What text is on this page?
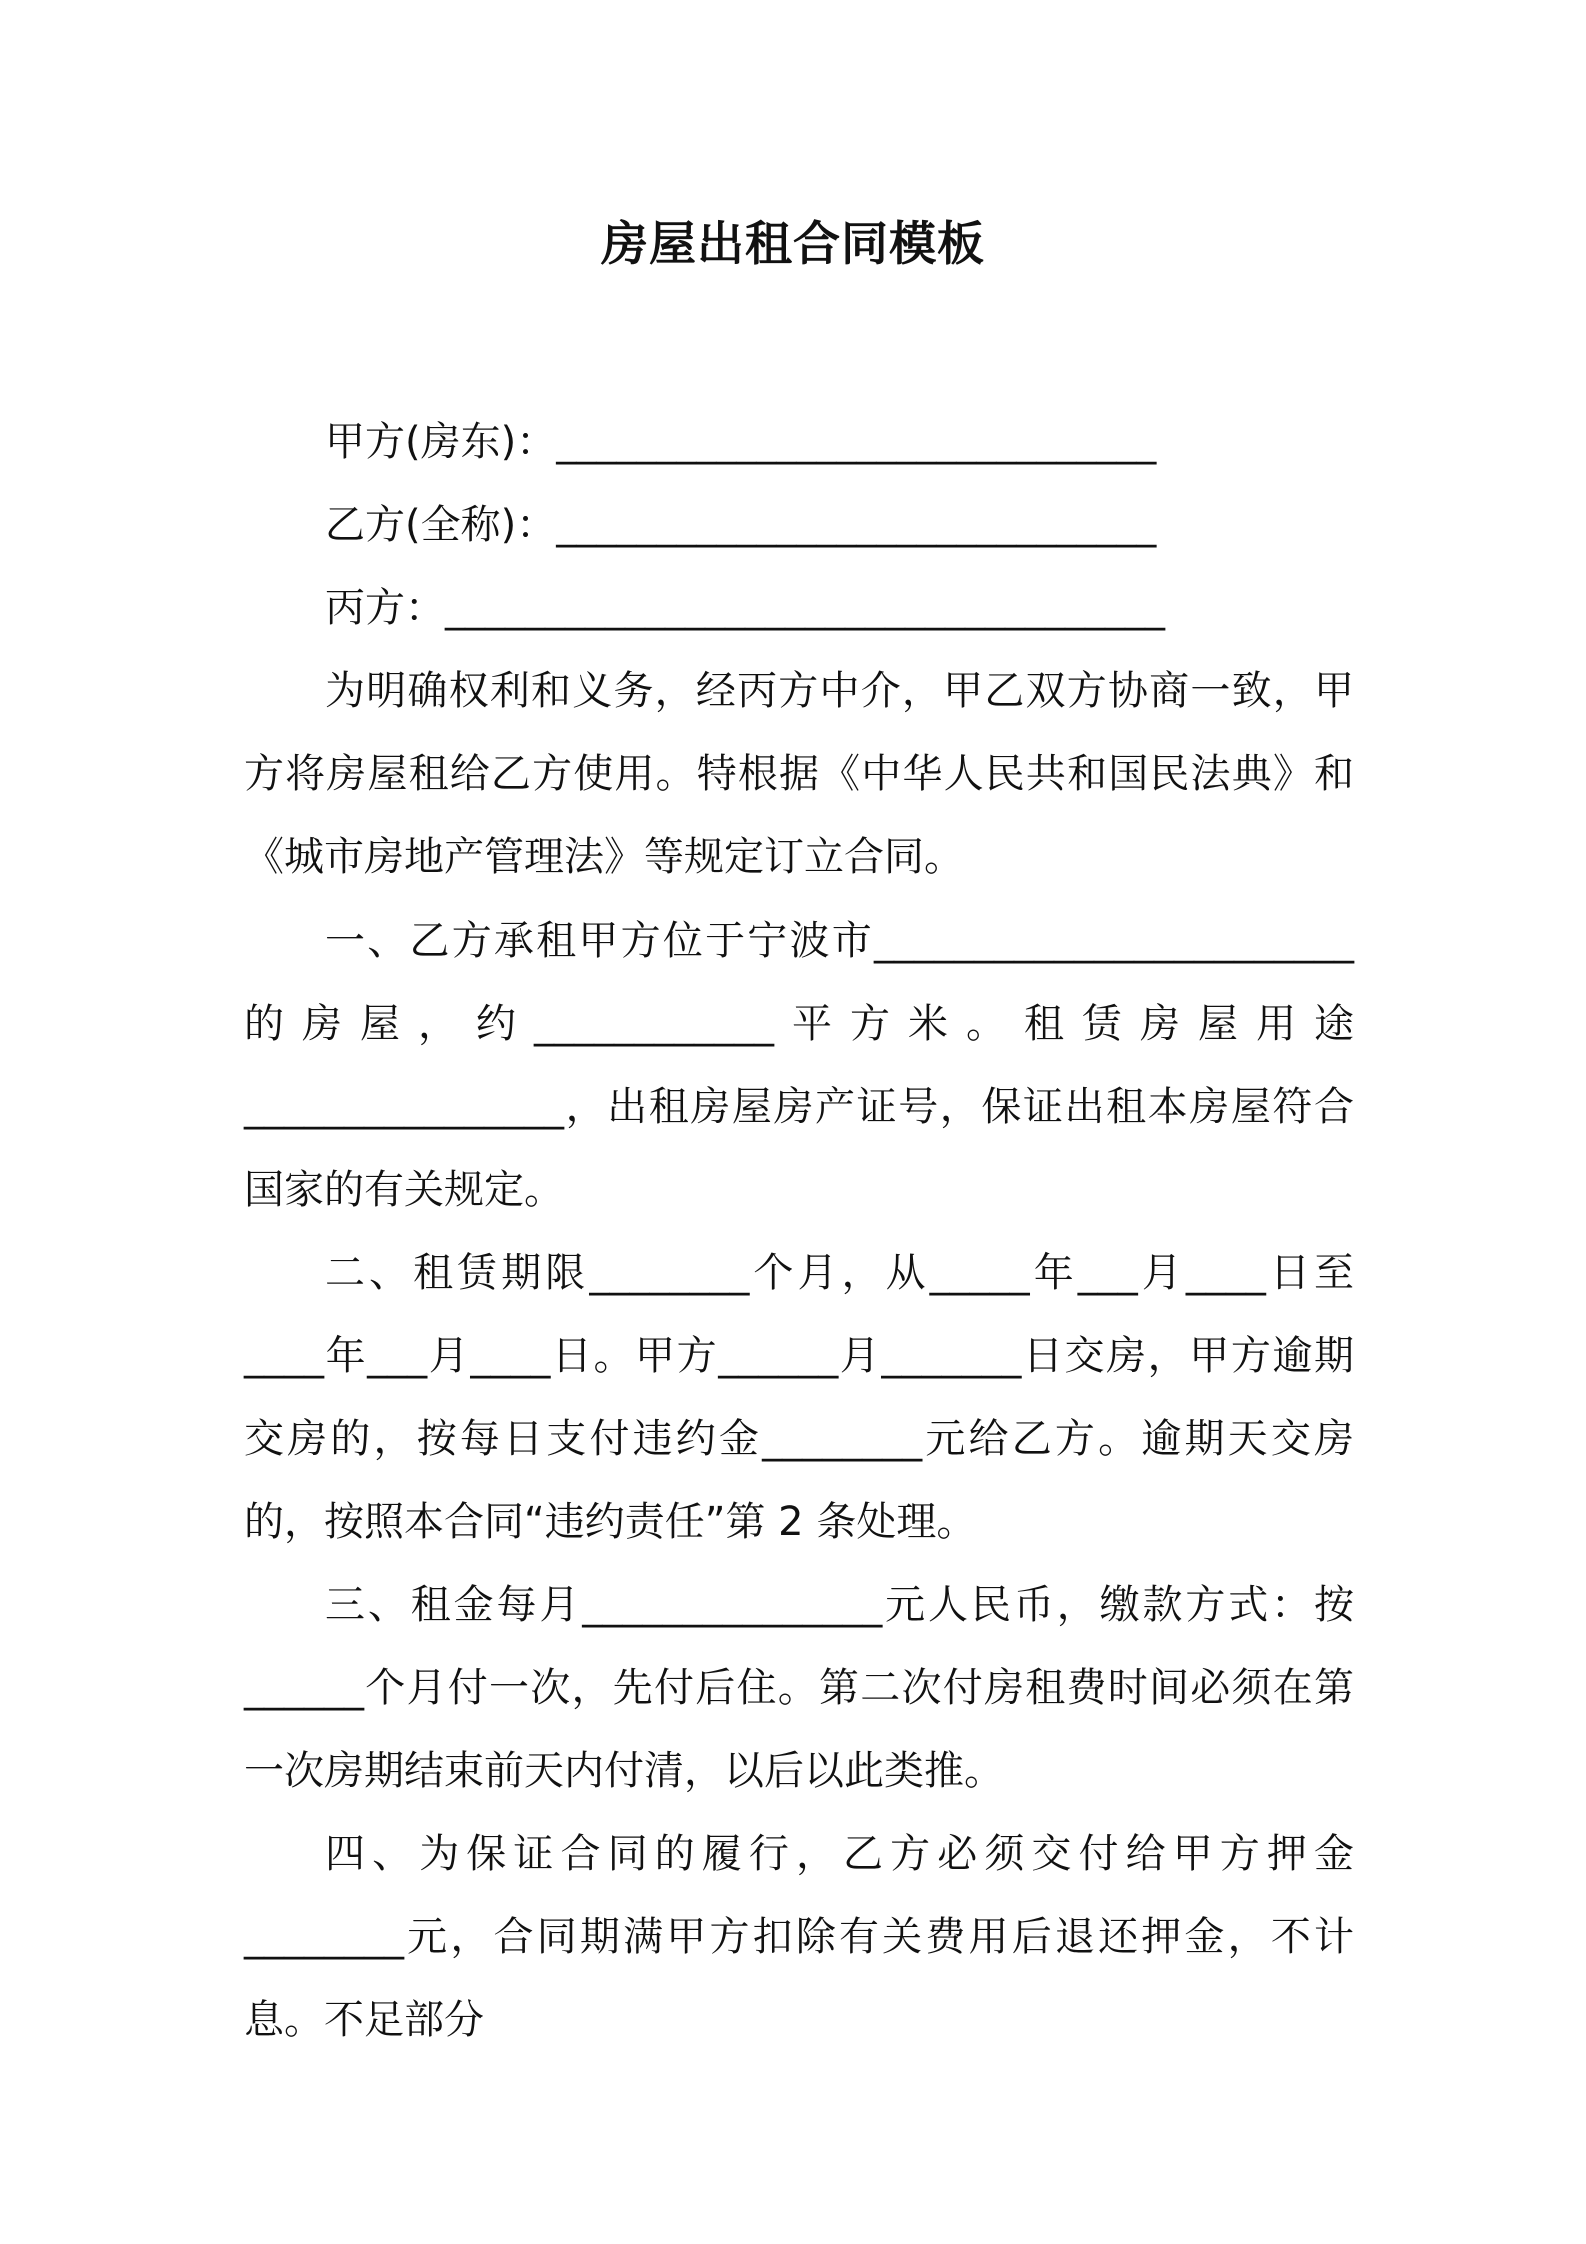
房屋出租合同模板
甲方(房东)：______________________________
乙方(全称)：______________________________
丙方：____________________________________
为明确权利和义务，经丙方中介，甲乙双方协商一致，甲方将房屋租给乙方使用。特根据《中华人民共和国民法典》和《城市房地产管理法》等规定订立合同。
一、乙方承租甲方位于宁波市________________________的房屋，约____________平方米。租赁房屋用途________________，出租房屋房产证号，保证出租本房屋符合国家的有关规定。
二、租赁期限________个月，从_____年___月____日至____年___月____日。甲方______月_______日交房，甲方逾期交房的，按每日支付违约金________元给乙方。逾期天交房的，按照本合同“违约责任”第 2 条处理。
三、租金每月_______________元人民币，缴款方式：按______个月付一次，先付后住。第二次付房租费时间必须在第一次房期结束前天内付清，以后以此类推。
四、为保证合同的履行，乙方必须交付给甲方押金________元，合同期满甲方扣除有关费用后退还押金，不计息。不足部分
